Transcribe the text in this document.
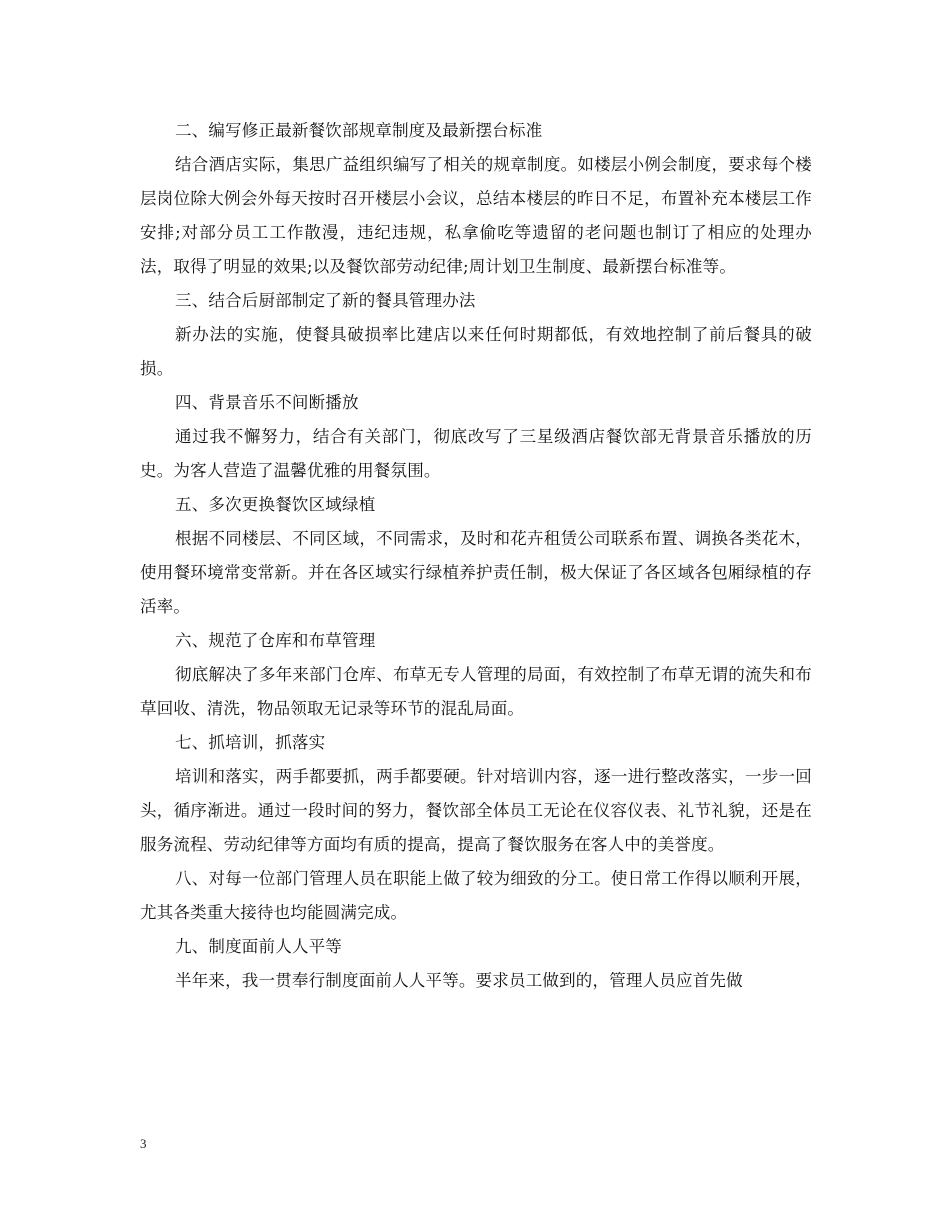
二、编写修正最新餐饮部规章制度及最新摆台标准

结合酒店实际，集思广益组织编写了相关的规章制度。如楼层小例会制度，要求每个楼层岗位除大例会外每天按时召开楼层小会议，总结本楼层的昨日不足，布置补充本楼层工作安排;对部分员工工作散漫，违纪违规，私拿偷吃等遗留的老问题也制订了相应的处理办法，取得了明显的效果;以及餐饮部劳动纪律;周计划卫生制度、最新摆台标准等。

三、结合后厨部制定了新的餐具管理办法

新办法的实施，使餐具破损率比建店以来任何时期都低，有效地控制了前后餐具的破损。

四、背景音乐不间断播放

通过我不懈努力，结合有关部门，彻底改写了三星级酒店餐饮部无背景音乐播放的历史。为客人营造了温馨优雅的用餐氛围。

五、多次更换餐饮区域绿植

根据不同楼层、不同区域，不同需求，及时和花卉租赁公司联系布置、调换各类花木，使用餐环境常变常新。并在各区域实行绿植养护责任制，极大保证了各区域各包厢绿植的存活率。

六、规范了仓库和布草管理

彻底解决了多年来部门仓库、布草无专人管理的局面，有效控制了布草无谓的流失和布草回收、清洗，物品领取无记录等环节的混乱局面。

七、抓培训，抓落实

培训和落实，两手都要抓，两手都要硬。针对培训内容，逐一进行整改落实，一步一回头，循序渐进。通过一段时间的努力，餐饮部全体员工无论在仪容仪表、礼节礼貌，还是在服务流程、劳动纪律等方面均有质的提高，提高了餐饮服务在客人中的美誉度。

八、对每一位部门管理人员在职能上做了较为细致的分工。使日常工作得以顺利开展，尤其各类重大接待也均能圆满完成。

九、制度面前人人平等

半年来，我一贯奉行制度面前人人平等。要求员工做到的，管理人员应首先做

3
